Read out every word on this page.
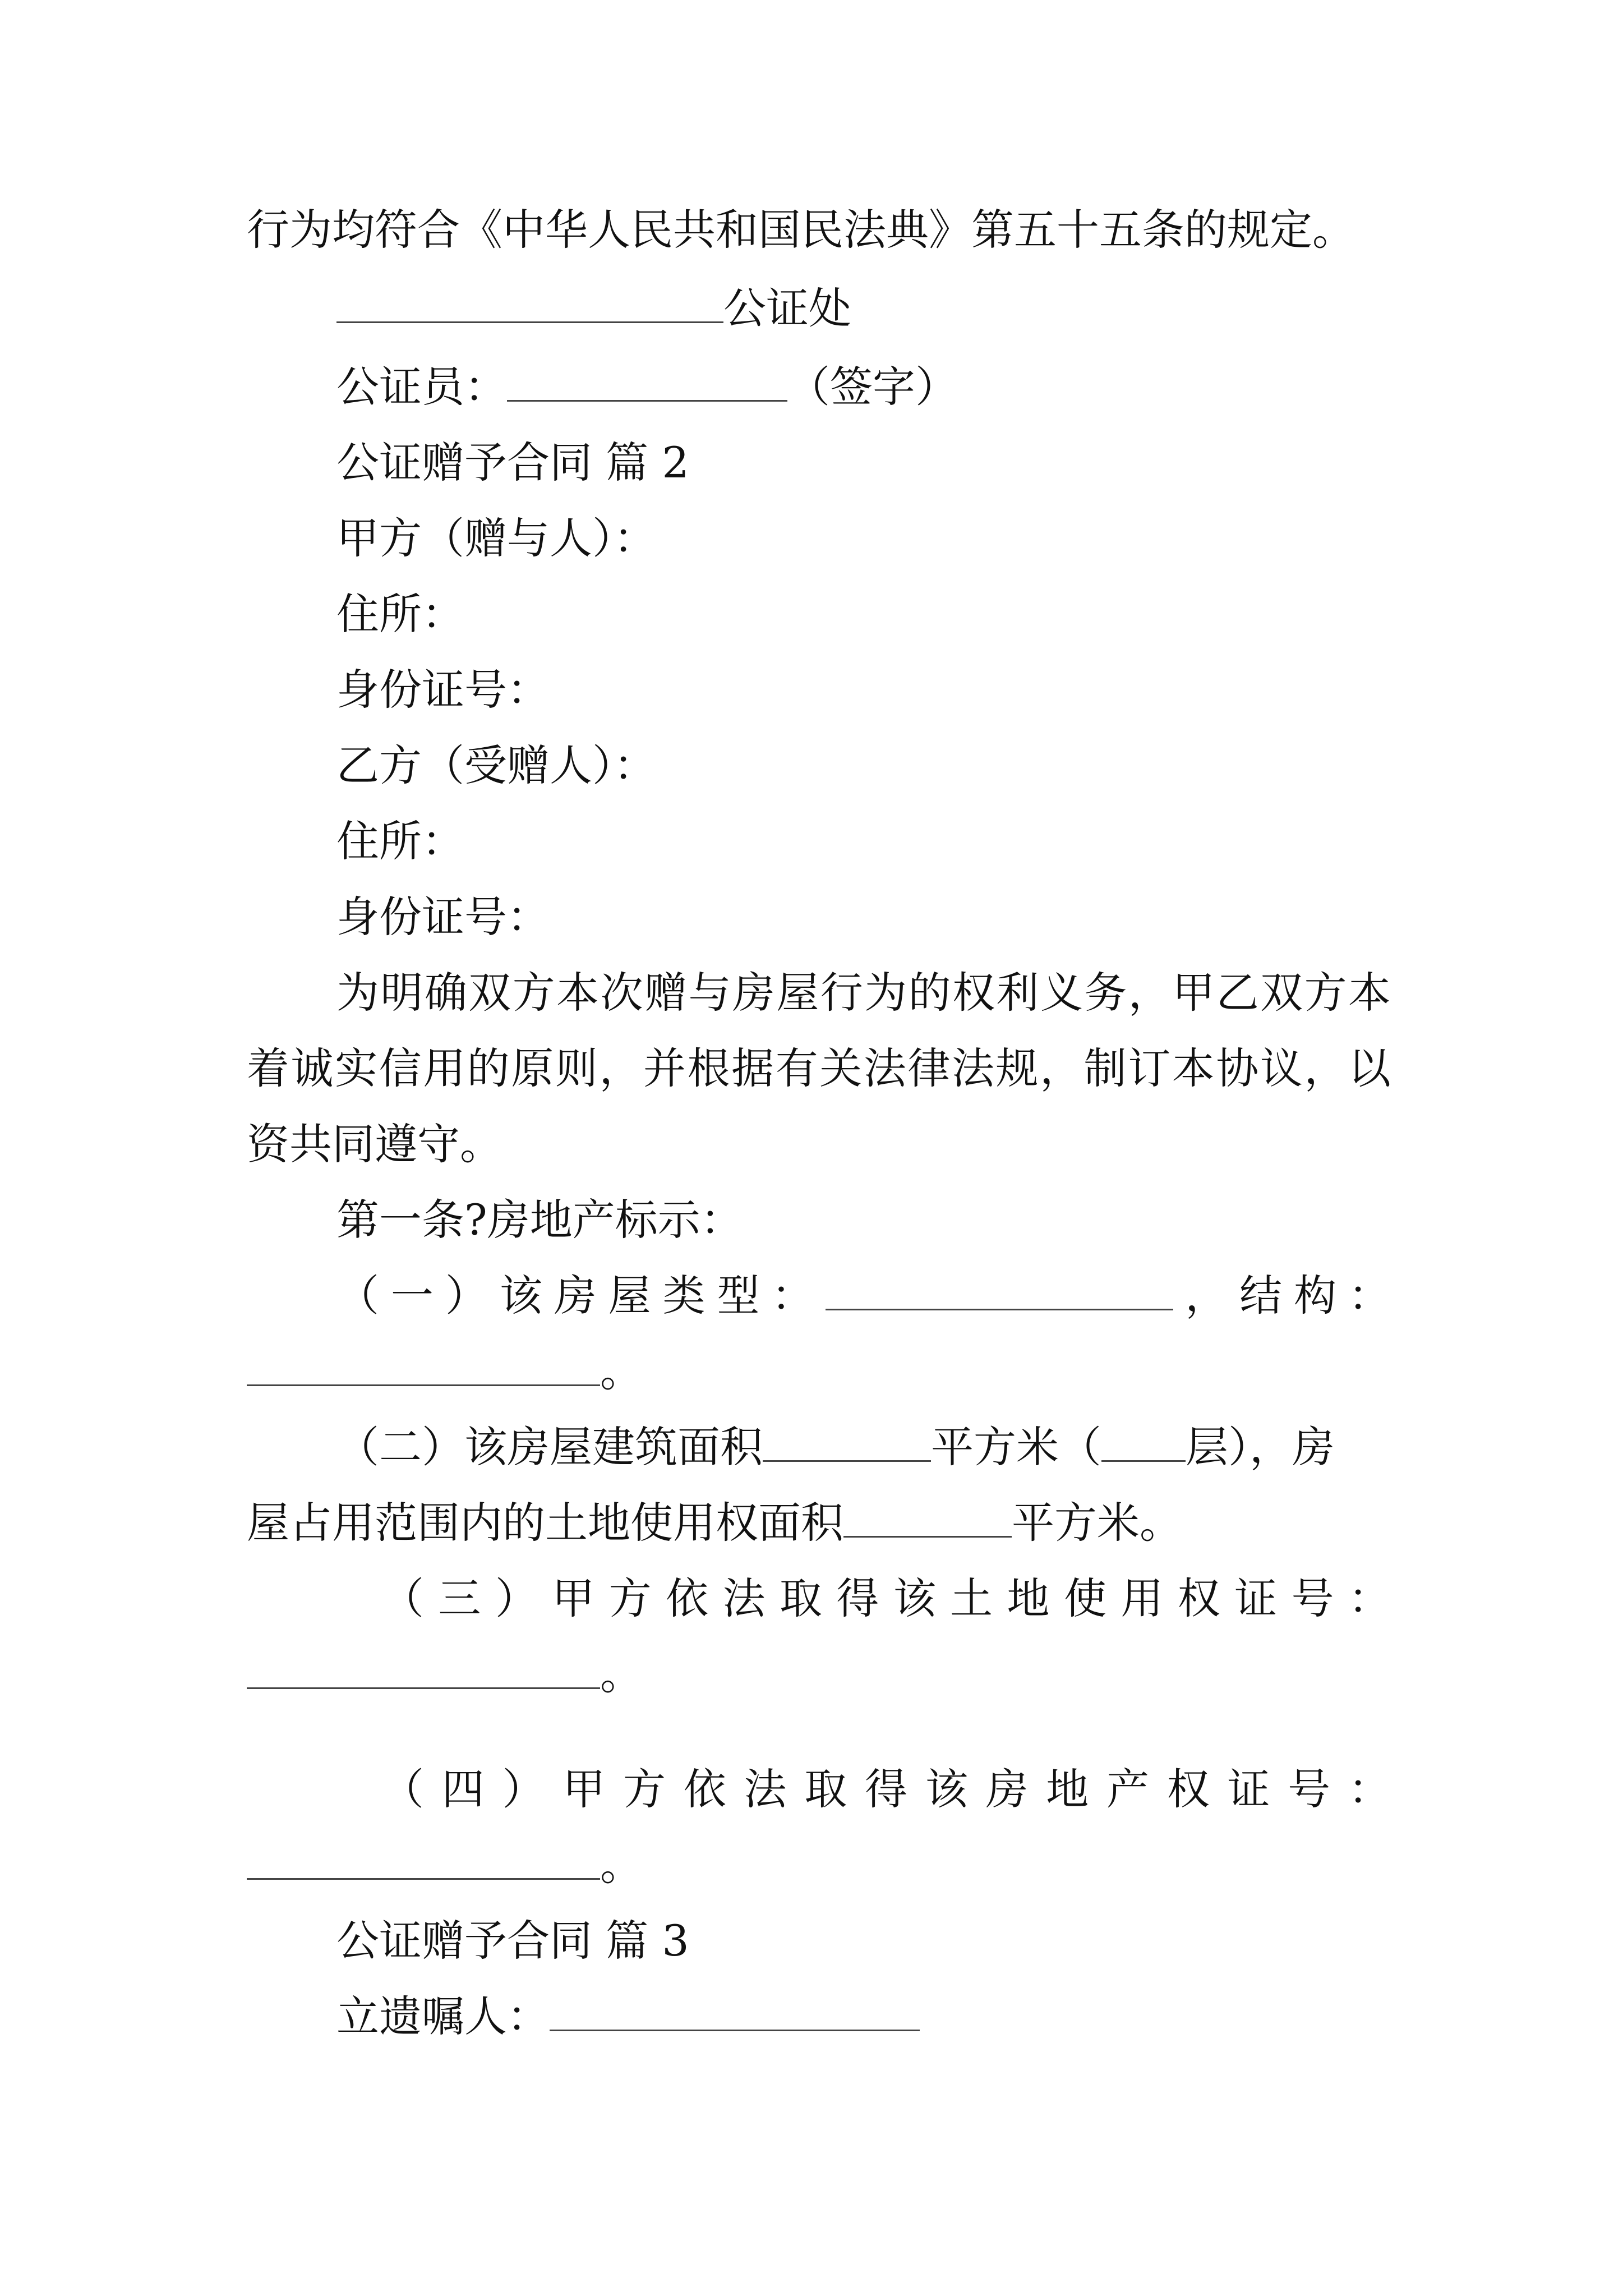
行为均符合《中华人民共和国民法典》第五十五条的规定。
公证处
公证员：	（签字）
公证赠予合同 篇 2
甲方（赠与人）：
住所：
身份证号：
乙方（受赠人）：
住所：
身份证号：
为明确双方本次赠与房屋行为的权利义务，甲乙双方本
着诚实信用的原则，并根据有关法律法规，制订本协议，以
资共同遵守。
第一条?房地产标示：
（一）该房屋类型：	，结构：
。
（二）该房屋建筑面积	平方米（ 层），房
屋占用范围内的土地使用权面积	平方米。
（三）甲方依法取得该土地使用权证号：
。
（四）甲方依法取得该房地产权证号：
。
公证赠予合同 篇 3
立遗嘱人：
